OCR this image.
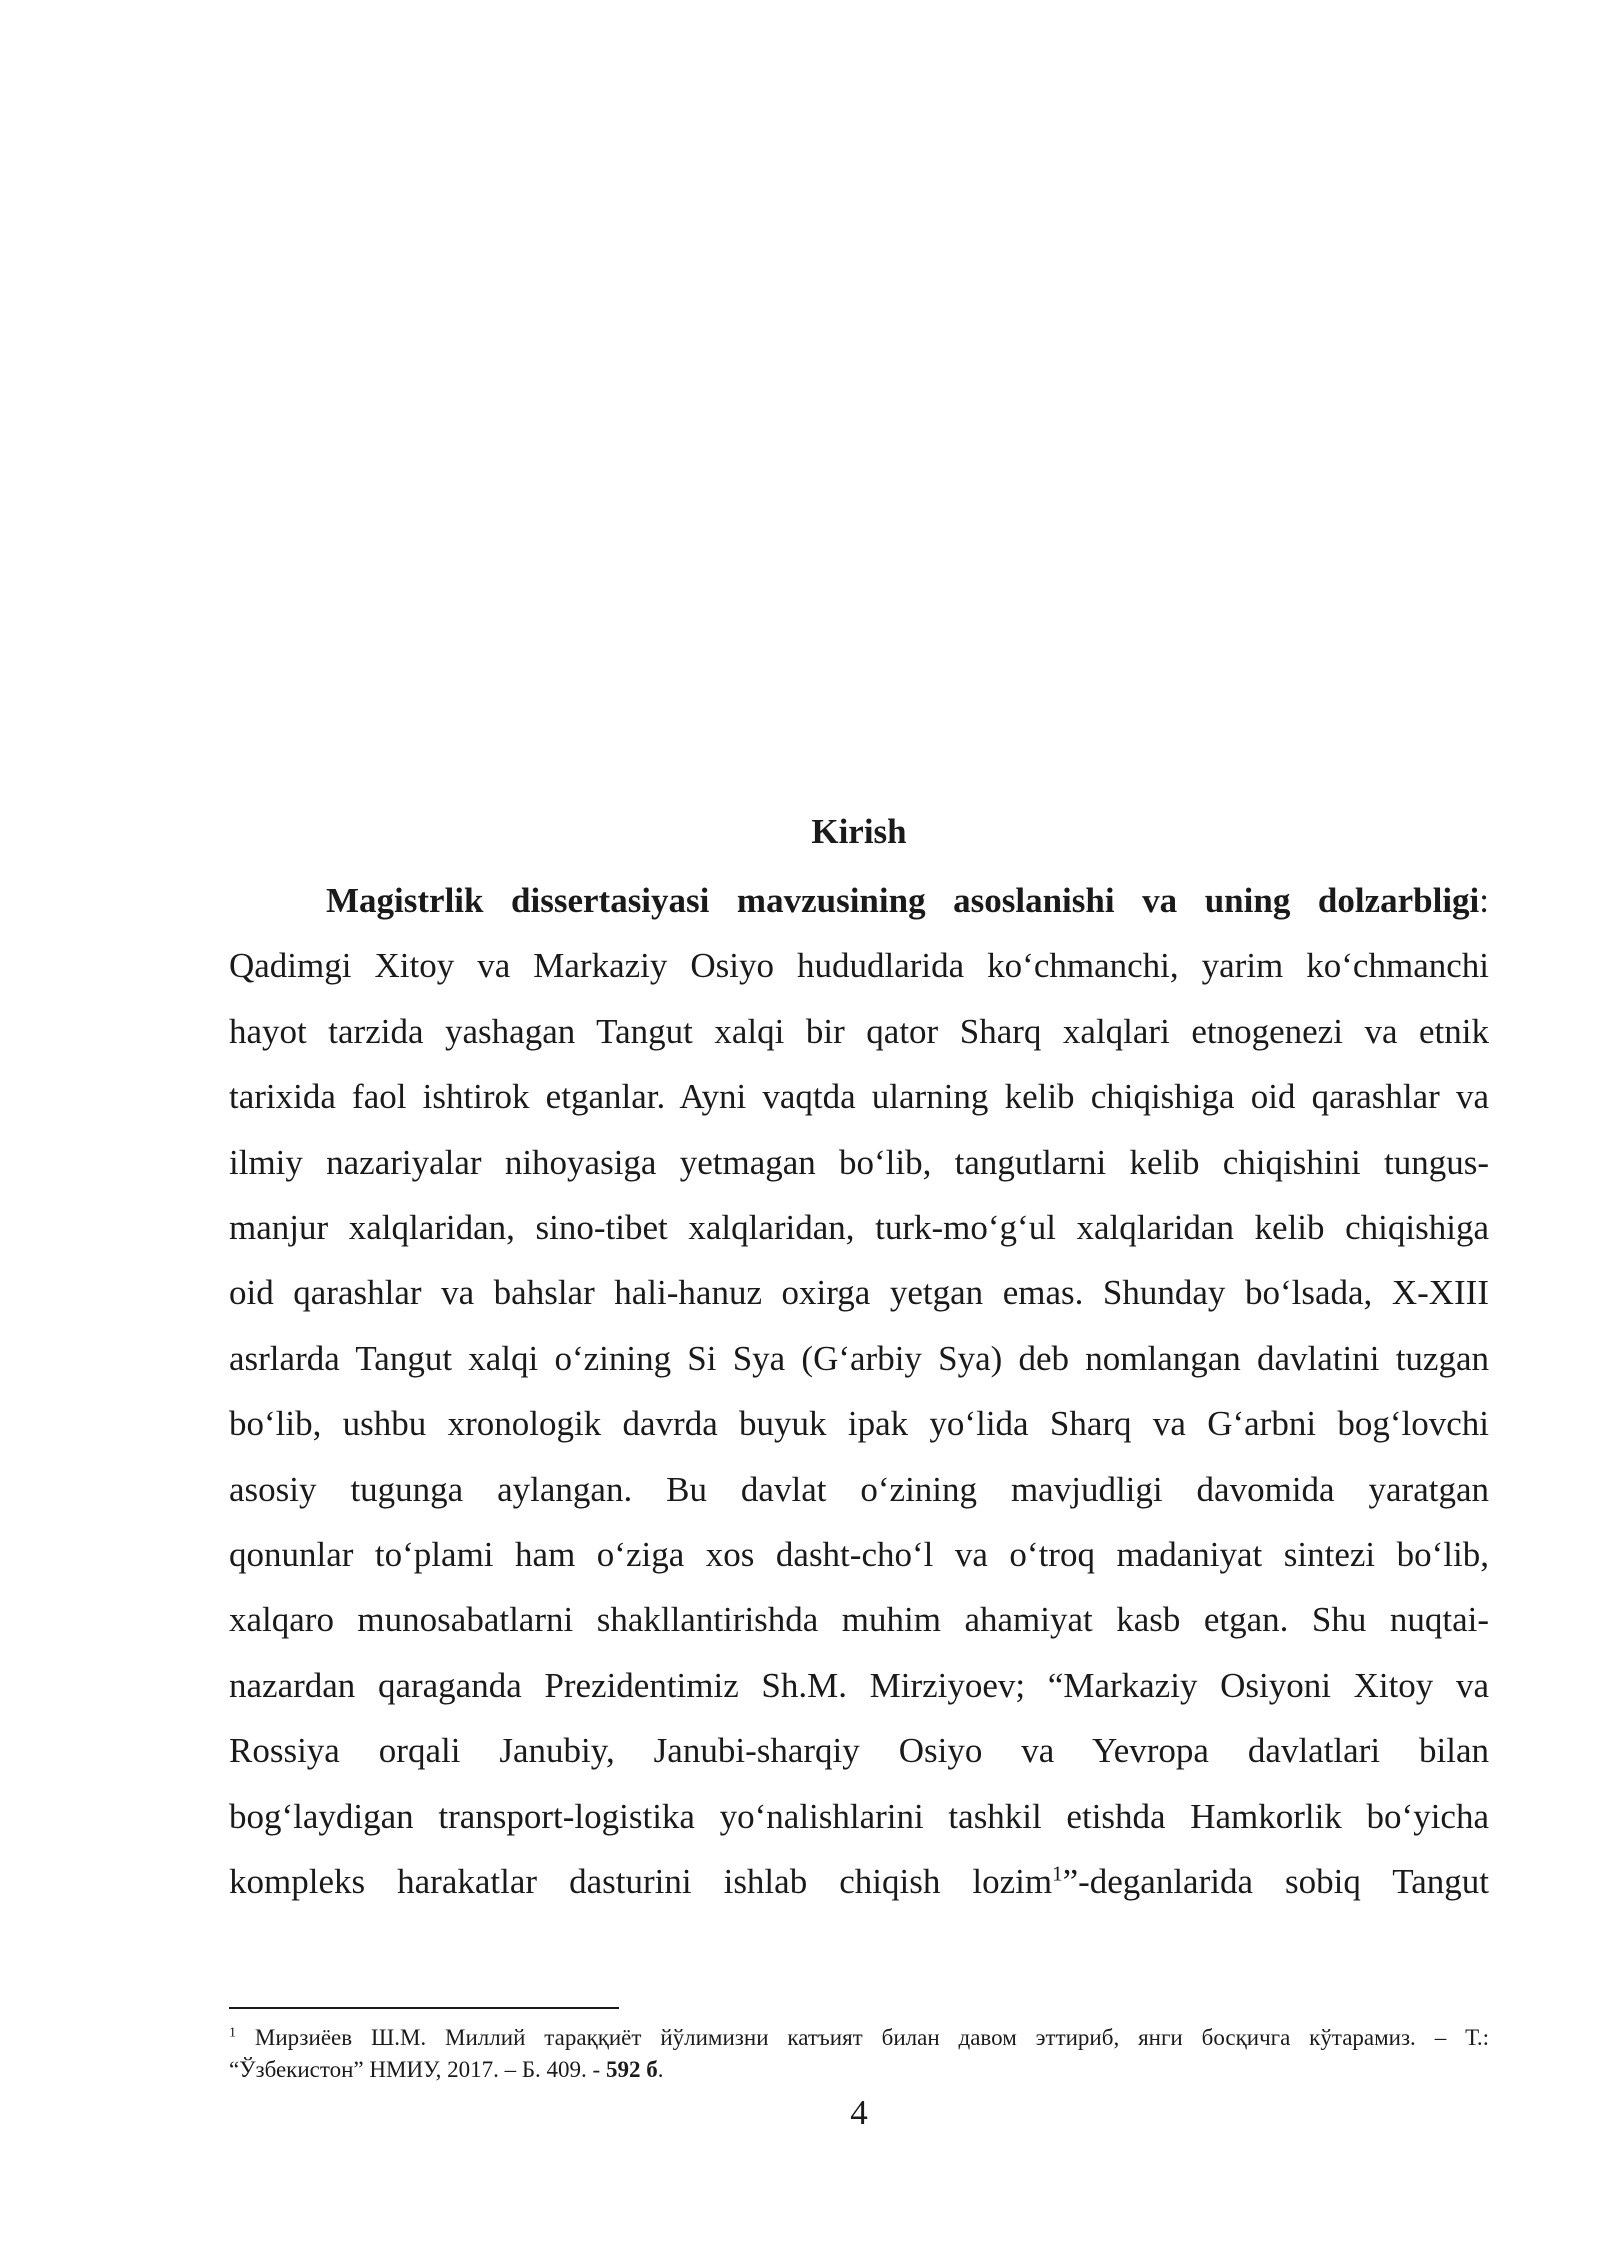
Kirish
Magistrlik dissertasiyasi mavzusining asoslanishi va uning dolzarbligi:
Qadimgi Xitoy va Markaziy Osiyo hududlarida ko‘chmanchi, yarim ko‘chmanchi
hayot tarzida yashagan Tangut xalqi bir qator Sharq xalqlari etnogenezi va etnik
tarixida faol ishtirok etganlar. Ayni vaqtda ularning kelib chiqishiga oid qarashlar va
ilmiy nazariyalar nihoyasiga yetmagan bo‘lib, tangutlarni kelib chiqishini tungus-
manjur xalqlaridan, sino-tibet xalqlaridan, turk-mo‘g‘ul xalqlaridan kelib chiqishiga
oid qarashlar va bahslar hali-hanuz oxirga yetgan emas. Shunday bo‘lsada, X-XIII
asrlarda Tangut xalqi o‘zining Si Sya (G‘arbiy Sya) deb nomlangan davlatini tuzgan
bo‘lib, ushbu xronologik davrda buyuk ipak yo‘lida Sharq va G‘arbni bog‘lovchi
asosiy tugunga aylangan. Bu davlat o‘zining mavjudligi davomida yaratgan
qonunlar to‘plami ham o‘ziga xos dasht-cho‘l va o‘troq madaniyat sintezi bo‘lib,
xalqaro munosabatlarni shakllantirishda muhim ahamiyat kasb etgan. Shu nuqtai-
nazardan qaraganda Prezidentimiz Sh.M. Mirziyoev; “Markaziy Osiyoni Xitoy va
Rossiya orqali Janubiy, Janubi-sharqiy Osiyo va Yevropa davlatlari bilan
bog‘laydigan transport-logistika yo‘nalishlarini tashkil etishda Hamkorlik bo‘yicha
kompleks harakatlar dasturini ishlab chiqish lozim$^1$”-deganlarida sobiq Tangut
$^1$ Мирзиёев Ш.М. Миллий тараққиёт йўлимизни катъият билан давом эттириб, янги босқичга кўтарамиз. – Т.:
“Ўзбекистон” НМИУ, 2017. – Б. 409. - 592 б.
4
